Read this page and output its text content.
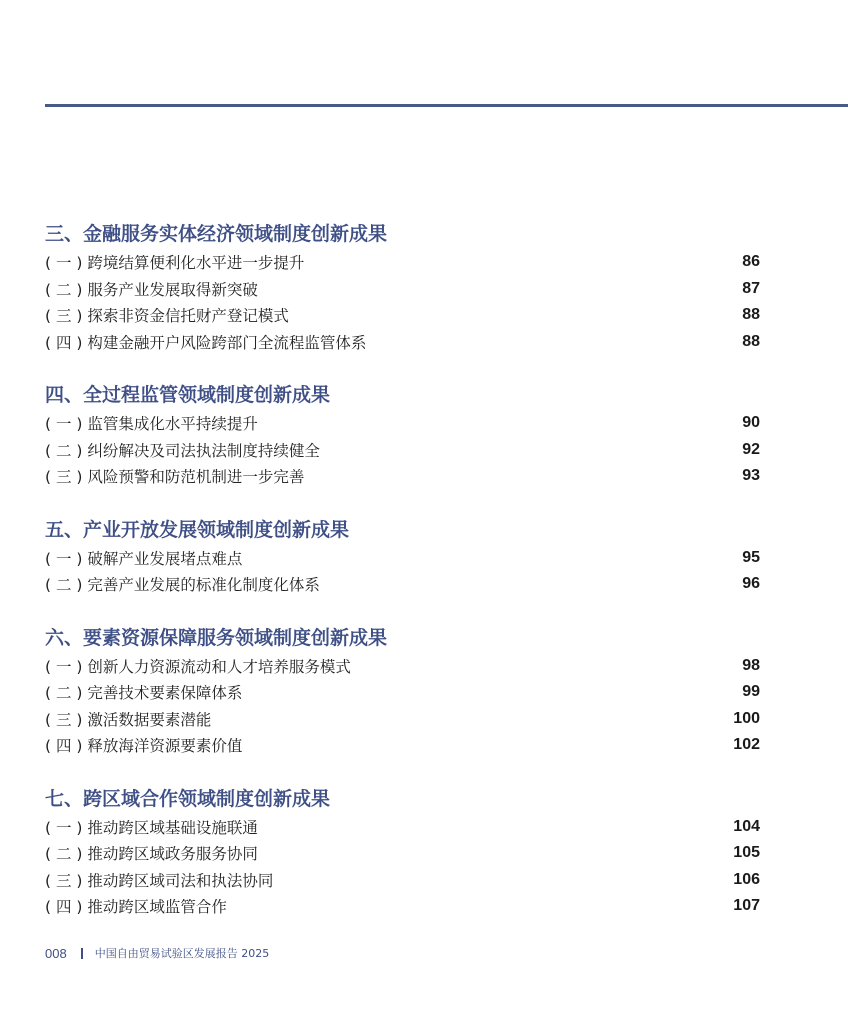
三、金融服务实体经济领域制度创新成果
( 一 ) 跨境结算便利化水平进一步提升	86
( 二 ) 服务产业发展取得新突破	87
( 三 ) 探索非资金信托财产登记模式	88
( 四 ) 构建金融开户风险跨部门全流程监管体系	88
四、全过程监管领域制度创新成果
( 一 ) 监管集成化水平持续提升	90
( 二 ) 纠纷解决及司法执法制度持续健全	92
( 三 ) 风险预警和防范机制进一步完善	93
五、产业开放发展领域制度创新成果
( 一 ) 破解产业发展堵点难点	95
( 二 ) 完善产业发展的标准化制度化体系	96
六、要素资源保障服务领域制度创新成果
( 一 ) 创新人力资源流动和人才培养服务模式	98
( 二 ) 完善技术要素保障体系	99
( 三 ) 激活数据要素潜能	100
( 四 ) 释放海洋资源要素价值	102
七、跨区域合作领域制度创新成果
( 一 ) 推动跨区域基础设施联通	104
( 二 ) 推动跨区域政务服务协同	105
( 三 ) 推动跨区域司法和执法协同	106
( 四 ) 推动跨区域监管合作	107
008	中国自由贸易试验区发展报告 2025
